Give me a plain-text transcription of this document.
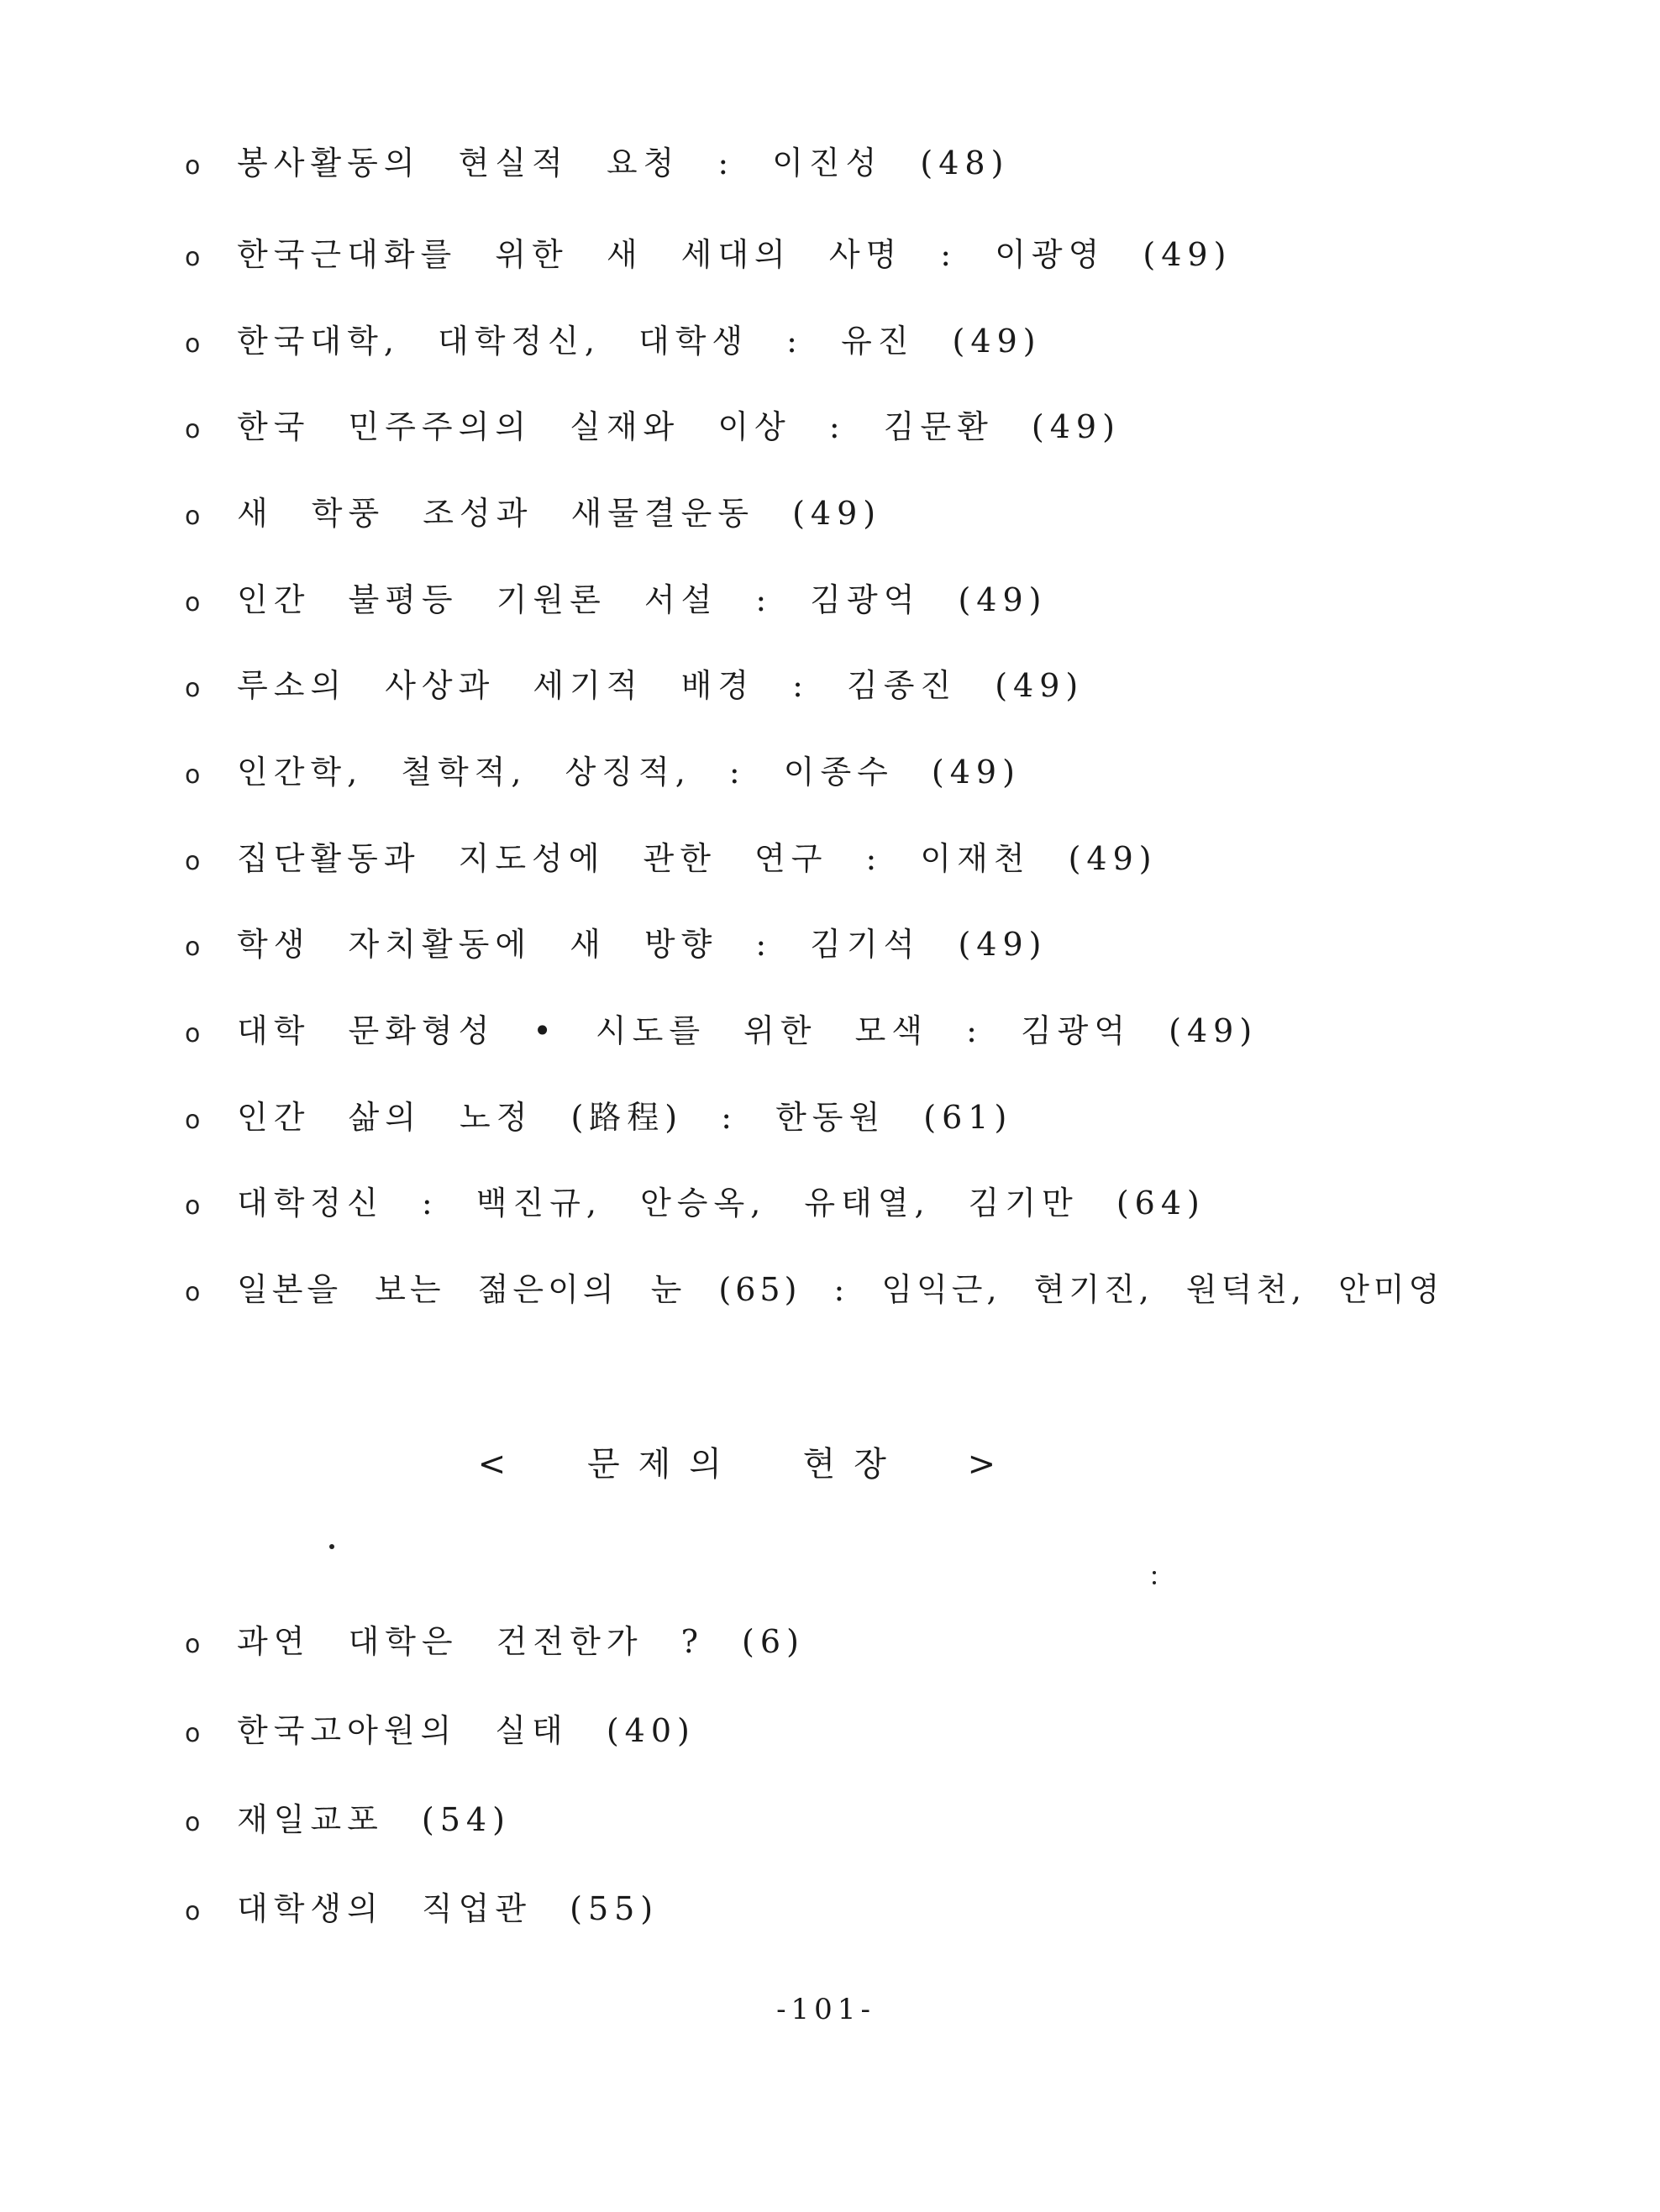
o	봉사활동의 현실적 요청 : 이진성 (48)
o	한국근대화를 위한 새 세대의 사명 : 이광영 (49)
o	한국대학, 대학정신, 대학생 : 유진 (49)
o	한국 민주주의의 실재와 이상 : 김문환 (49)
o	새 학풍 조성과 새물결운동 (49)
o	인간 불평등 기원론 서설 : 김광억 (49)
o	루소의 사상과 세기적 배경 : 김종진 (49)
o	인간학, 철학적, 상징적, : 이종수 (49)
o	집단활동과 지도성에 관한 연구 : 이재천 (49)
o	학생 자치활동에 새 방향 : 김기석 (49)
o	대학 문화형성 • 시도를 위한 모색 : 김광억 (49)
o	인간 삶의 노정 (路程) : 한동원 (61)
o	대학정신 : 백진규, 안승옥, 유태열, 김기만 (64)
o	일본을 보는 젊은이의 눈 (65) : 임익근, 현기진, 원덕천, 안미영
< 문제의 현장 >
o	과연 대학은 건전한가 ? (6)
o	한국고아원의 실태 (40)
o	재일교포 (54)
o	대학생의 직업관 (55)
-101-
